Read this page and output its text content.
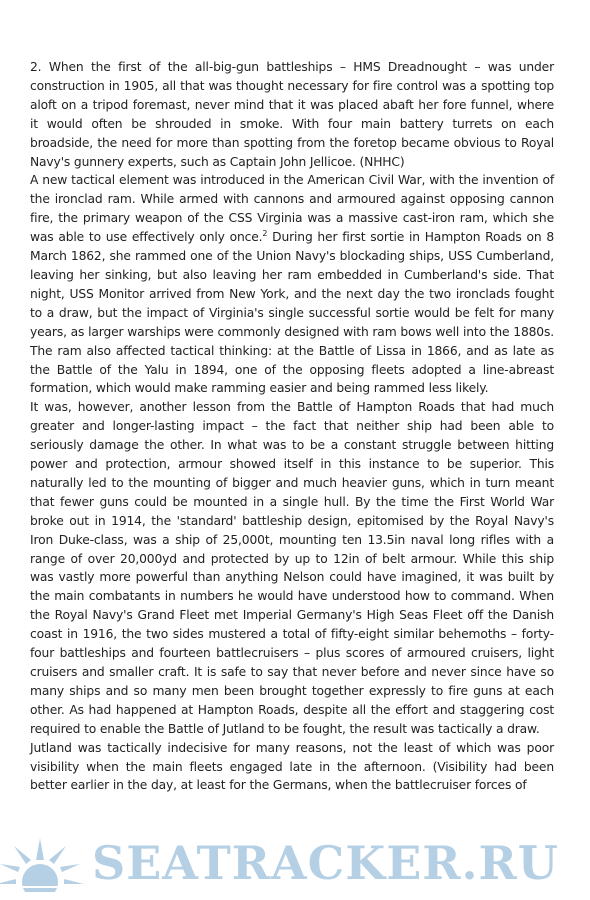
2. When the first of the all-big-gun battleships – HMS Dreadnought – was under construction in 1905, all that was thought necessary for fire control was a spotting top aloft on a tripod foremast, never mind that it was placed abaft her fore funnel, where it would often be shrouded in smoke. With four main battery turrets on each broadside, the need for more than spotting from the foretop became obvious to Royal Navy's gunnery experts, such as Captain John Jellicoe. (NHHC)

A new tactical element was introduced in the American Civil War, with the invention of the ironclad ram. While armed with cannons and armoured against opposing cannon fire, the primary weapon of the CSS Virginia was a massive cast-iron ram, which she was able to use effectively only once.$^2$ During her first sortie in Hampton Roads on 8 March 1862, she rammed one of the Union Navy's blockading ships, USS Cumberland, leaving her sinking, but also leaving her ram embedded in Cumberland's side. That night, USS Monitor arrived from New York, and the next day the two ironclads fought to a draw, but the impact of Virginia's single successful sortie would be felt for many years, as larger warships were commonly designed with ram bows well into the 1880s. The ram also affected tactical thinking: at the Battle of Lissa in 1866, and as late as the Battle of the Yalu in 1894, one of the opposing fleets adopted a line-abreast formation, which would make ramming easier and being rammed less likely.

It was, however, another lesson from the Battle of Hampton Roads that had much greater and longer-lasting impact – the fact that neither ship had been able to seriously damage the other. In what was to be a constant struggle between hitting power and protection, armour showed itself in this instance to be superior. This naturally led to the mounting of bigger and much heavier guns, which in turn meant that fewer guns could be mounted in a single hull. By the time the First World War broke out in 1914, the 'standard' battleship design, epitomised by the Royal Navy's Iron Duke-class, was a ship of 25,000t, mounting ten 13.5in naval long rifles with a range of over 20,000yd and protected by up to 12in of belt armour. While this ship was vastly more powerful than anything Nelson could have imagined, it was built by the main combatants in numbers he would have understood how to command. When the Royal Navy's Grand Fleet met Imperial Germany's High Seas Fleet off the Danish coast in 1916, the two sides mustered a total of fifty-eight similar behemoths – forty-four battleships and fourteen battlecruisers – plus scores of armoured cruisers, light cruisers and smaller craft. It is safe to say that never before and never since have so many ships and so many men been brought together expressly to fire guns at each other. As had happened at Hampton Roads, despite all the effort and staggering cost required to enable the Battle of Jutland to be fought, the result was tactically a draw.

Jutland was tactically indecisive for many reasons, not the least of which was poor visibility when the main fleets engaged late in the afternoon. (Visibility had been better earlier in the day, at least for the Germans, when the battlecruiser forces of

SEATRACKER.RU
